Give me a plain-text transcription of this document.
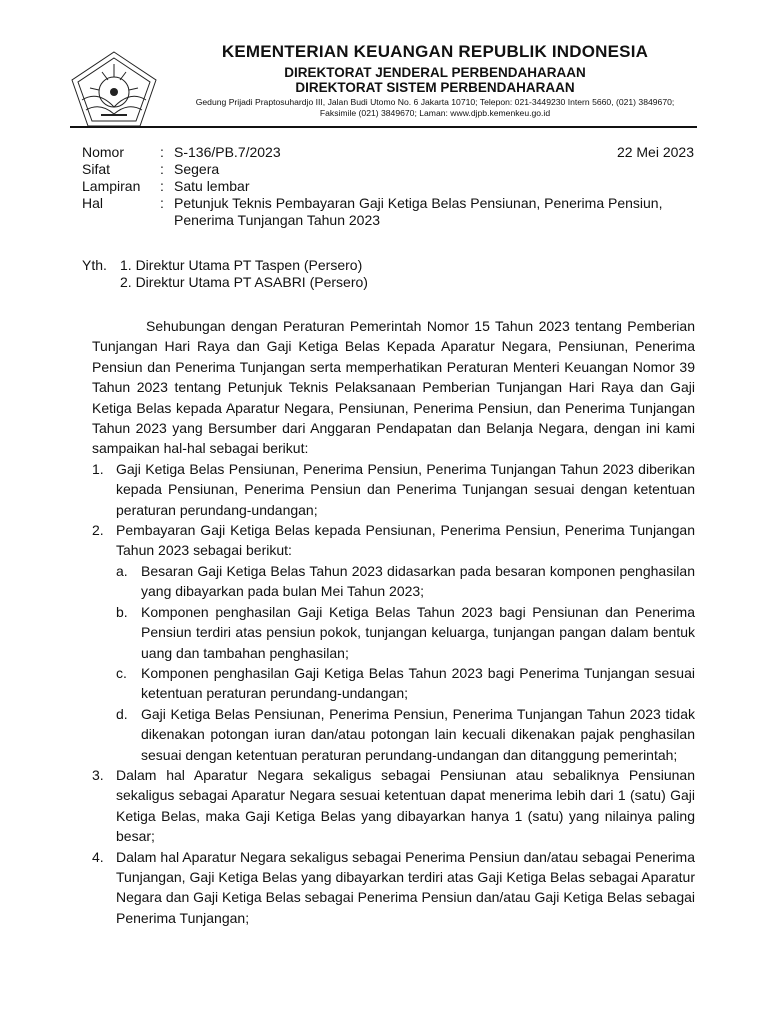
KEMENTERIAN KEUANGAN REPUBLIK INDONESIA
DIREKTORAT JENDERAL PERBENDAHARAAN
DIREKTORAT SISTEM PERBENDAHARAAN
Gedung Prijadi Praptosuhardjo III, Jalan Budi Utomo No. 6 Jakarta 10710; Telepon: 021-3449230 Intern 5660, (021) 3849670;
Faksimile (021) 3849670; Laman: www.djpb.kemenkeu.go.id
22 Mei 2023
Nomor	: S-136/PB.7/2023
Sifat	: Segera
Lampiran	: Satu lembar
Hal	: Petunjuk Teknis Pembayaran Gaji Ketiga Belas Pensiunan, Penerima Pensiun,
Penerima Tunjangan Tahun 2023
Yth. 1. Direktur Utama PT Taspen (Persero)
2. Direktur Utama PT ASABRI (Persero)

Sehubungan dengan Peraturan Pemerintah Nomor 15 Tahun 2023 tentang Pemberian Tunjangan Hari Raya dan Gaji Ketiga Belas Kepada Aparatur Negara, Pensiunan, Penerima Pensiun dan Penerima Tunjangan serta memperhatikan Peraturan Menteri Keuangan Nomor 39 Tahun 2023 tentang Petunjuk Teknis Pelaksanaan Pemberian Tunjangan Hari Raya dan Gaji Ketiga Belas kepada Aparatur Negara, Pensiunan, Penerima Pensiun, dan Penerima Tunjangan Tahun 2023 yang Bersumber dari Anggaran Pendapatan dan Belanja Negara, dengan ini kami sampaikan hal-hal sebagai berikut:

1. Gaji Ketiga Belas Pensiunan, Penerima Pensiun, Penerima Tunjangan Tahun 2023 diberikan kepada Pensiunan, Penerima Pensiun dan Penerima Tunjangan sesuai dengan ketentuan peraturan perundang-undangan;
2. Pembayaran Gaji Ketiga Belas kepada Pensiunan, Penerima Pensiun, Penerima Tunjangan Tahun 2023 sebagai berikut:
a. Besaran Gaji Ketiga Belas Tahun 2023 didasarkan pada besaran komponen penghasilan yang dibayarkan pada bulan Mei Tahun 2023;
b. Komponen penghasilan Gaji Ketiga Belas Tahun 2023 bagi Pensiunan dan Penerima Pensiun terdiri atas pensiun pokok, tunjangan keluarga, tunjangan pangan dalam bentuk uang dan tambahan penghasilan;
c. Komponen penghasilan Gaji Ketiga Belas Tahun 2023 bagi Penerima Tunjangan sesuai ketentuan peraturan perundang-undangan;
d. Gaji Ketiga Belas Pensiunan, Penerima Pensiun, Penerima Tunjangan Tahun 2023 tidak dikenakan potongan iuran dan/atau potongan lain kecuali dikenakan pajak penghasilan sesuai dengan ketentuan peraturan perundang-undangan dan ditanggung pemerintah;
3. Dalam hal Aparatur Negara sekaligus sebagai Pensiunan atau sebaliknya Pensiunan sekaligus sebagai Aparatur Negara sesuai ketentuan dapat menerima lebih dari 1 (satu) Gaji Ketiga Belas, maka Gaji Ketiga Belas yang dibayarkan hanya 1 (satu) yang nilainya paling besar;
4. Dalam hal Aparatur Negara sekaligus sebagai Penerima Pensiun dan/atau sebagai Penerima Tunjangan, Gaji Ketiga Belas yang dibayarkan terdiri atas Gaji Ketiga Belas sebagai Aparatur Negara dan Gaji Ketiga Belas sebagai Penerima Pensiun dan/atau Gaji Ketiga Belas sebagai Penerima Tunjangan;
